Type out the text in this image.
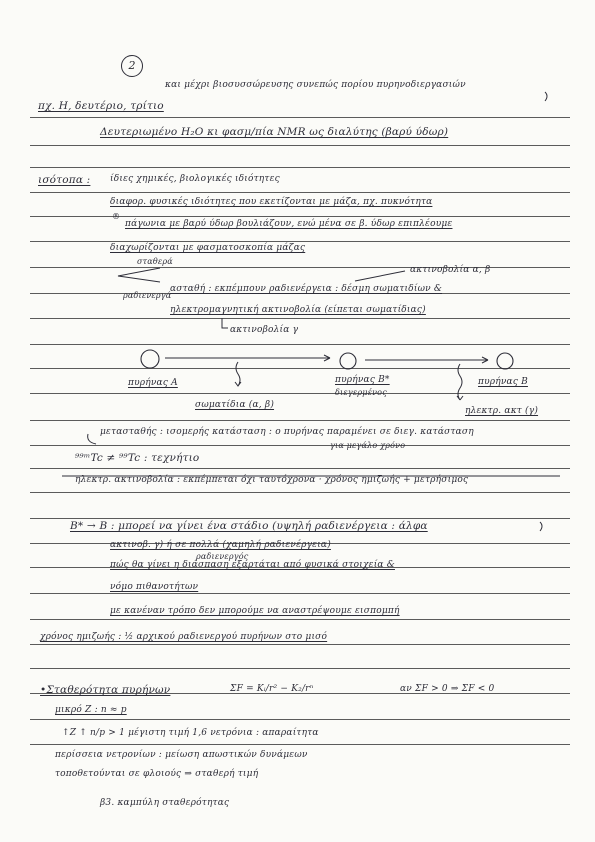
2
και μέχρι βιοσυσσώρευσης συνεπώς πορίου πυρηνοδιεργασιών
πχ. Η, δευτέριο, τρίτιο
Δευτεριωμένο H₂O κι φασμ/πία NMR ως διαλύτης (βαρύ ύδωρ)
ισότοπα : ίδιες χημικές, βιολογικές ιδιότητες
διαφορ. φυσικές ιδιότητες που εκετίζονται με μάζα, πχ. πυκνότητα
®
πάγωνια με βαρύ ύδωρ βουλιάζουν, ενώ μένα σε β. ύδωρ επιπλέουμε
διαχωρίζονται με φασματοσκοπία μάζας
σταθερά
ραδιενεργά
ακτινοβολία α, β
ασταθή : εκπέμπουν ραδιενέργεια : δέσμη σωματιδίων &
ηλεκτρομαγνητική ακτινοβολία (είπεται σωματίδιας)
ακτινοβολία γ
πυρήνας Α
σωματίδια (α, β)
πυρήνας Β*
διεγερμένος
πυρήνας Β
ηλεκτρ. ακτ (γ)
μετασταθής : ισομερής κατάσταση : ο πυρήνας παραμένει σε διεγ. κατάσταση
για μεγάλο χρόνο
⁹⁹ᵐTc ≠ ⁹⁹Tc : τεχνήτιο
ηλεκτρ. ακτινοβολία : εκπέμπεται όχι ταυτόχρονα · χρόνος ημιζωής + μετρήσιμος
Β* → Β : μπορεί να γίνει ένα στάδιο (υψηλή ραδιενέργεια : άλφα
ακτινοβ. γ) ή σε πολλά (χαμηλή ραδιενέργεια)
ραδιενεργός
πώς θα γίνει η διάσπαση εξαρτάται από φυσικά στοιχεία &
νόμο πιθανοτήτων
με κανέναν τρόπο δεν μπορούμε να αναστρέψουμε εισπομπή
χρόνος ημιζωής : ½ αρχικού ραδιενεργού πυρήνων στο μισό
•Σταθερότητα πυρήνων	ΣF = Kᵢ/r² − K₂/rⁿ	αν ΣF > 0 ⇒ ΣF < 0
μικρό Z : n ≈ p
↑Z ↑ n/p > 1 μέγιστη τιμή 1,6 νετρόνια : απαραίτητα
περίσσεια νετρονίων : μείωση απωστικών δυνάμεων
τοποθετούνται σε φλοιούς ⇒ σταθερή τιμή
β3. καμπύλη σταθερότητας
